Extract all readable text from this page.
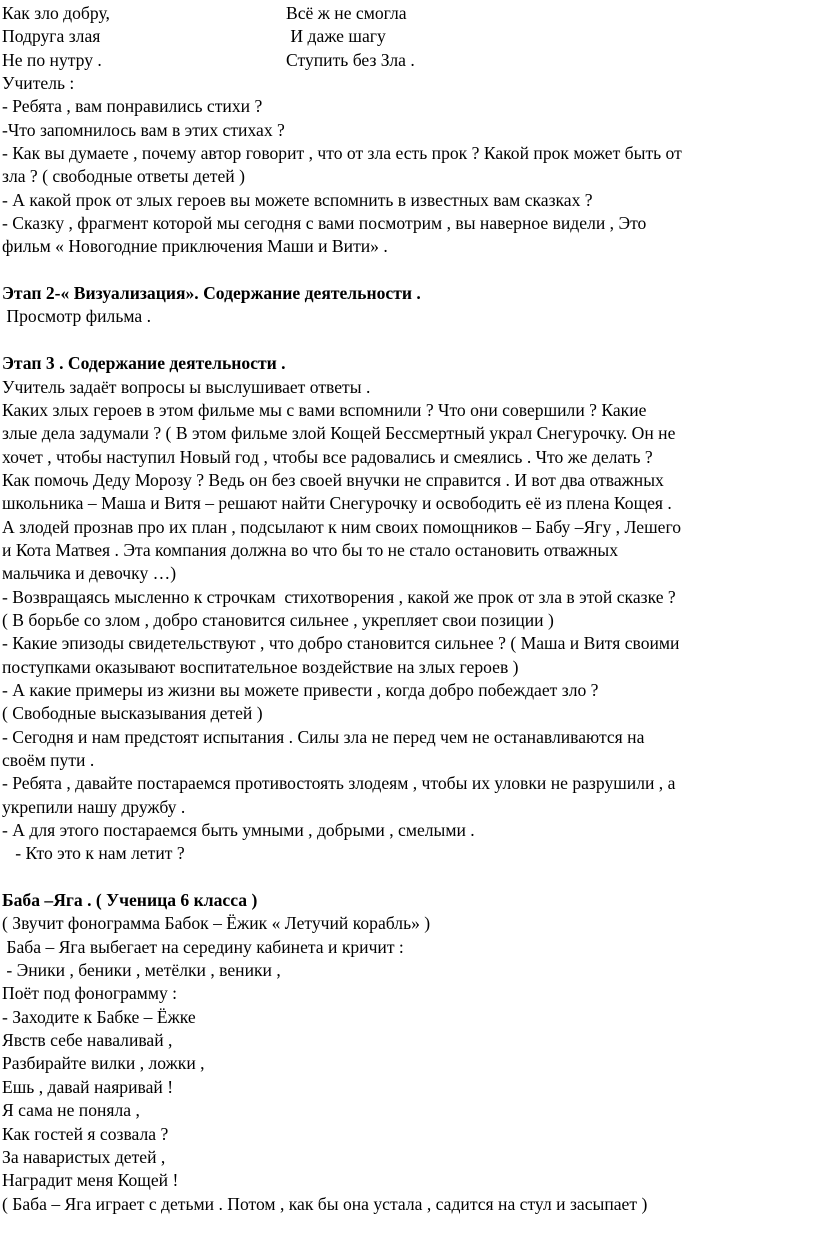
Как зло добру,	Всё ж не смогла
Подруга злая	И даже шагу
Не по нутру .	Ступить без Зла .
Учитель :
- Ребята , вам понравились стихи ?
-Что запомнилось вам в этих стихах ?
- Как вы думаете , почему автор говорит , что от зла есть прок ? Какой прок может быть от
зла ? ( свободные ответы детей )
- А какой прок от злых героев вы можете вспомнить в известных вам сказках ?
- Сказку , фрагмент которой мы сегодня с вами посмотрим , вы наверное видели , Это
фильм « Новогодние приключения Маши и Вити» .
Этап 2-« Визуализация». Содержание деятельности .
Просмотр фильма .
Этап 3 . Содержание деятельности .
Учитель задаёт вопросы ы выслушивает ответы .
Каких злых героев в этом фильме мы с вами вспомнили ? Что они совершили ? Какие
злые дела задумали ? ( В этом фильме злой Кощей Бессмертный украл Снегурочку. Он не
хочет , чтобы наступил Новый год , чтобы все радовались и смеялись . Что же делать ?
Как помочь Деду Морозу ? Ведь он без своей внучки не справится . И вот два отважных
школьника – Маша и Витя – решают найти Снегурочку и освободить её из плена Кощея .
А злодей прознав про их план , подсылают к ним своих помощников – Бабу –Ягу , Лешего
и Кота Матвея . Эта компания должна во что бы то не стало остановить отважных
мальчика и девочку …)
- Возвращаясь мысленно к строчкам  стихотворения , какой же прок от зла в этой сказке ?
( В борьбе со злом , добро становится сильнее , укрепляет свои позиции )
- Какие эпизоды свидетельствуют , что добро становится сильнее ? ( Маша и Витя своими
поступками оказывают воспитательное воздействие на злых героев )
- А какие примеры из жизни вы можете привести , когда добро побеждает зло ?
( Свободные высказывания детей )
- Сегодня и нам предстоят испытания . Силы зла не перед чем не останавливаются на
своём пути .
- Ребята , давайте постараемся противостоять злодеям , чтобы их уловки не разрушили , а
укрепили нашу дружбу .
- А для этого постараемся быть умными , добрыми , смелыми .
- Кто это к нам летит ?
Баба –Яга . ( Ученица 6 класса )
( Звучит фонограмма Бабок – Ёжик « Летучий корабль» )
Баба – Яга выбегает на середину кабинета и кричит :
- Эники , беники , метёлки , веники ,
Поёт под фонограмму :
- Заходите к Бабке – Ёжке
Явств себе наваливай ,
Разбирайте вилки , ложки ,
Ешь , давай наяривай !
Я сама не поняла ,
Как гостей я созвала ?
За наваристых детей ,
Наградит меня Кощей !
( Баба – Яга играет с детьми . Потом , как бы она устала , садится на стул и засыпает )
